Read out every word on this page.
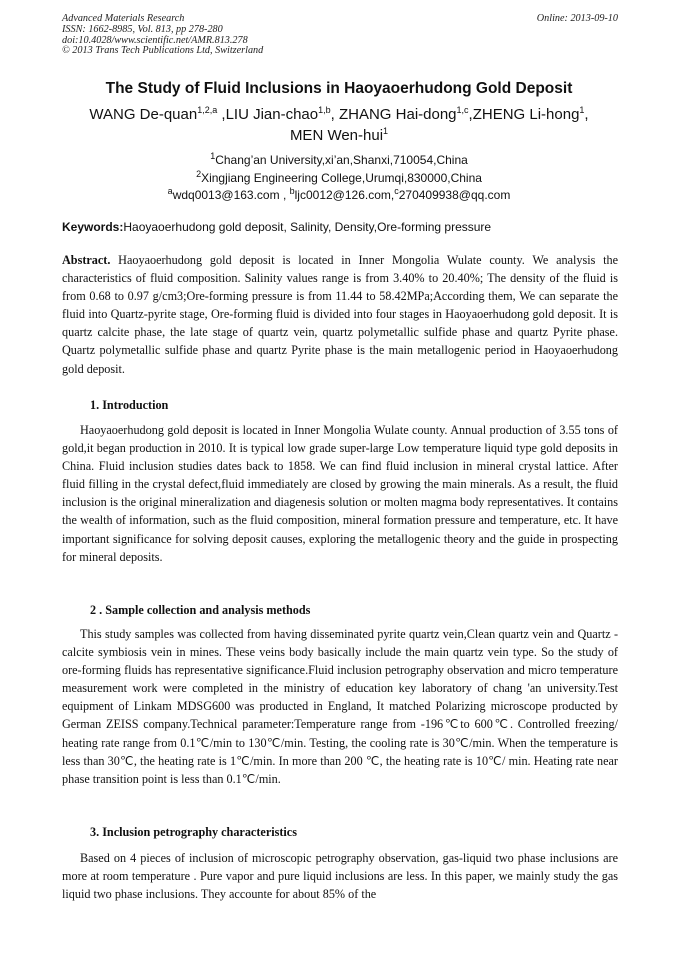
Advanced Materials Research
ISSN: 1662-8985, Vol. 813, pp 278-280
doi:10.4028/www.scientific.net/AMR.813.278
© 2013 Trans Tech Publications Ltd, Switzerland
Online: 2013-09-10
The Study of Fluid Inclusions in Haoyaoerhudong Gold Deposit
WANG De-quan$^{1,2,a}$ ,LIU Jian-chao$^{1,b}$, ZHANG Hai-dong$^{1,c}$,ZHENG Li-hong$^1$,
MEN Wen-hui$^1$
$^1$Chang’an University,xi’an,Shanxi,710054,China
$^2$Xingjiang Engineering College,Urumqi,830000,China
$^a$wdq0013@163.com , $^b$ljc0012@126.com,$^c$270409938@qq.com
Keywords:Haoyaoerhudong gold deposit, Salinity, Density,Ore-forming pressure
Abstract. Haoyaoerhudong gold deposit is located in Inner Mongolia Wulate county. We analysis the characteristics of fluid composition. Salinity values range is from 3.40% to 20.40%; The density of the fluid is from 0.68 to 0.97 g/cm3;Ore-forming pressure is from 11.44 to 58.42MPa;According them, We can separate the fluid into Quartz-pyrite stage, Ore-forming fluid is divided into four stages in Haoyaoerhudong gold deposit. It is quartz calcite phase, the late stage of quartz vein, quartz polymetallic sulfide phase and quartz Pyrite phase. Quartz polymetallic sulfide phase and quartz Pyrite phase is the main metallogenic period in Haoyaoerhudong gold deposit.
1. Introduction
Haoyaoerhudong gold deposit is located in Inner Mongolia Wulate county. Annual production of 3.55 tons of gold,it began production in 2010. It is typical low grade super-large Low temperature liquid type gold deposits in China. Fluid inclusion studies dates back to 1858. We can find fluid inclusion in mineral crystal lattice. After fluid filling in the crystal defect,fluid immediately are closed by growing the main minerals. As a result, the fluid inclusion is the original mineralization and diagenesis solution or molten magma body representatives. It contains the wealth of information, such as the fluid composition, mineral formation pressure and temperature, etc. It have important significance for solving deposit causes, exploring the metallogenic theory and the guide in prospecting for mineral deposits.
2 . Sample collection and analysis methods
This study samples was collected from having disseminated pyrite quartz vein,Clean quartz vein and Quartz -calcite symbiosis vein in mines. These veins body basically include the main quartz vein type. So the study of ore-forming fluids has representative significance.Fluid inclusion petrography observation and micro temperature measurement work were completed in the ministry of education key laboratory of chang 'an university.Test equipment of Linkam MDSG600 was producted in England, It matched Polarizing microscope producted by German ZEISS company.Technical parameter:Temperature range from -196℃to 600℃. Controlled freezing/ heating rate range from 0.1℃/min to 130℃/min. Testing, the cooling rate is 30℃/min. When the temperature is less than 30℃, the heating rate is 1℃/min. In more than 200 ℃, the heating rate is 10℃/ min. Heating rate near phase transition point is less than 0.1℃/min.
3. Inclusion petrography characteristics
Based on 4 pieces of inclusion of microscopic petrography observation, gas-liquid two phase inclusions are more at room temperature . Pure vapor and pure liquid inclusions are less. In this paper, we mainly study the gas liquid two phase inclusions. They accounte for about 85% of the
